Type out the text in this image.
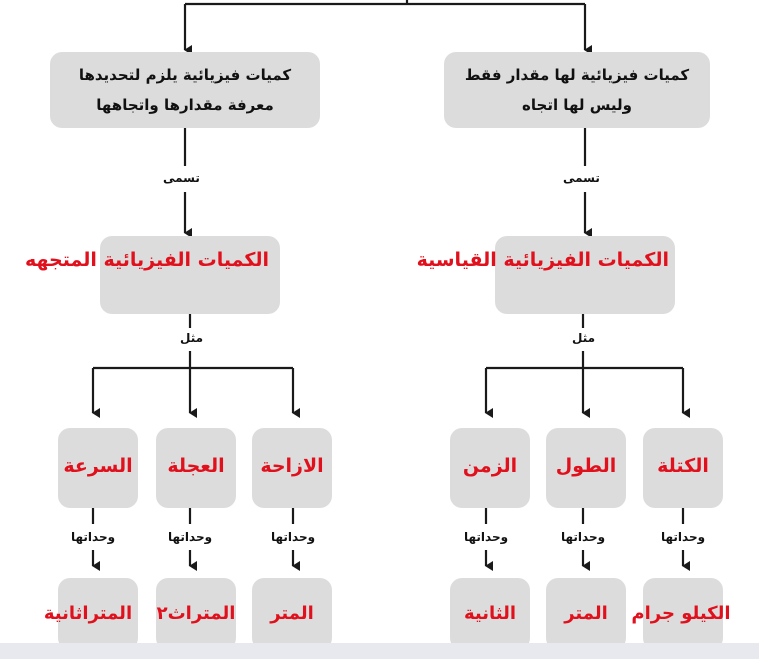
كميات فيزيائية يلزم لتحديدها
معرفة مقدارها واتجاهها
كميات فيزيائية لها مقدار فقط
وليس لها اتجاه
تسمى	تسمى
الكميات الفيزيائية المتجهه	الكميات الفيزيائية القياسية
مثل	مثل
الازاحة
العجلة
السرعة	الكتلة
الطول
الزمن
وحداتها
وحداتها
وحداتها	وحداتها
وحداتها
وحداتها
المتر
المتراث٢
المتراثانية	الكيلو جرام
المتر
الثانية
